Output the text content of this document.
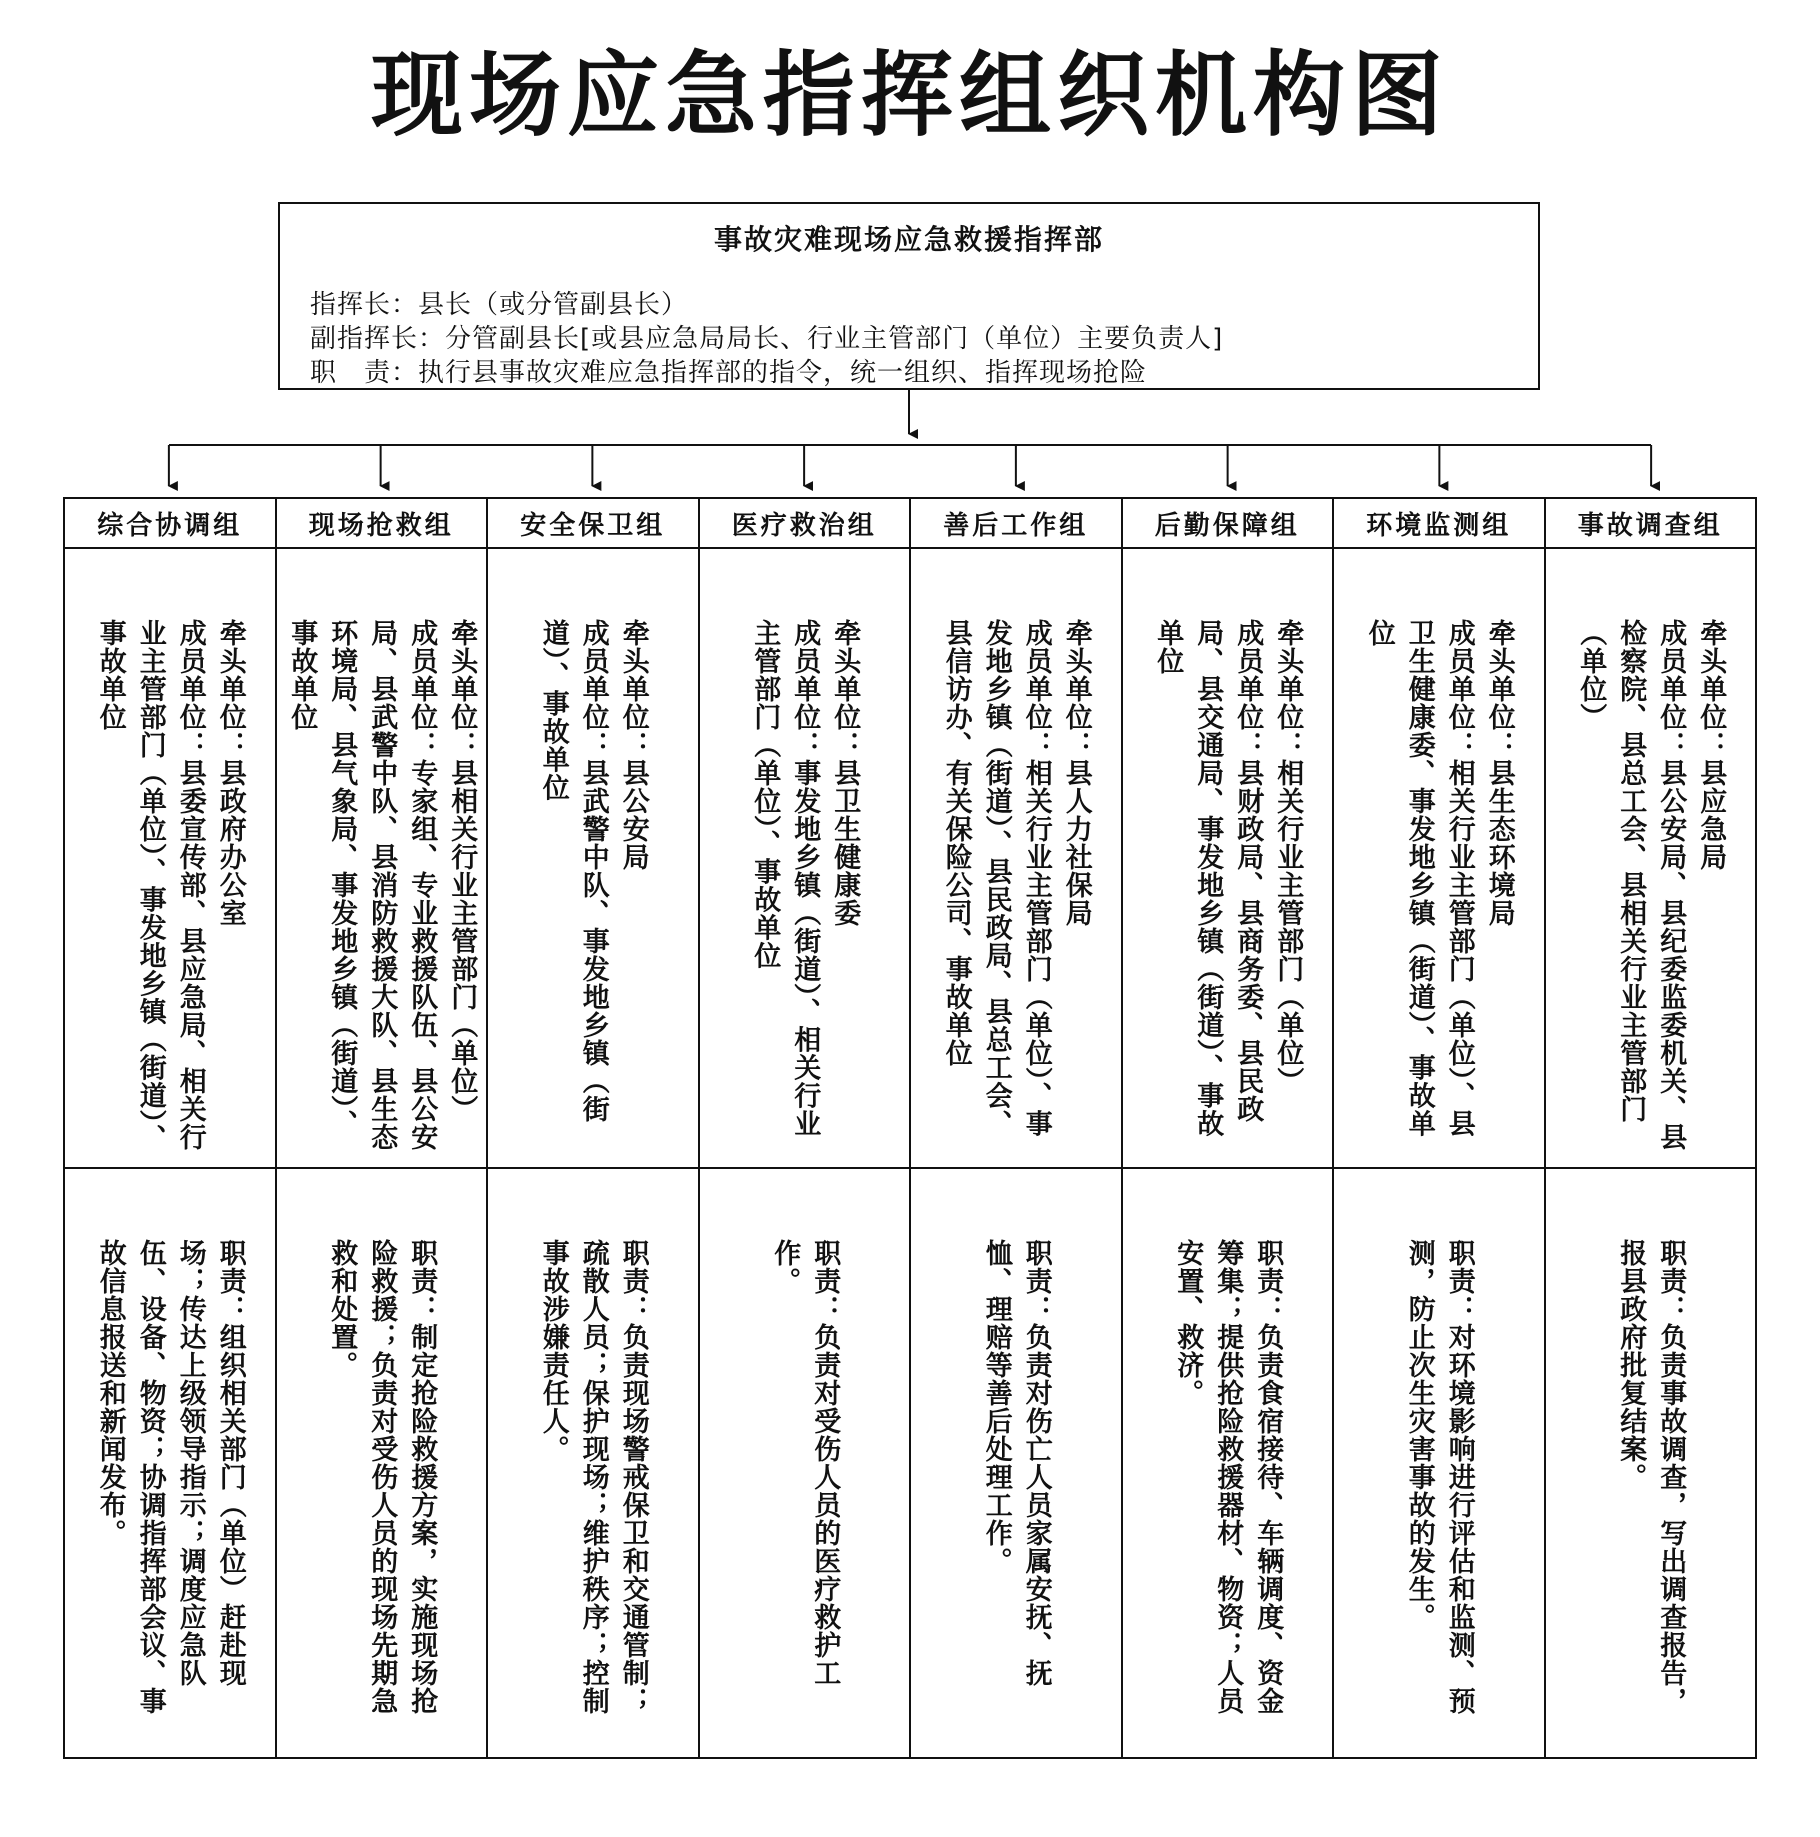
现场应急指挥组织机构图
事故灾难现场应急救援指挥部
指挥长：县长（或分管副县长）
副指挥长：分管副县长[或县应急局局长、行业主管部门（单位）主要负责人]
职　责：执行县事故灾难应急指挥部的指令，统一组织、指挥现场抢险
综合协调组
牵头单位：县政府办公室
成员单位：县委宣传部、县应急局、相关行业主管部门（单位）、事发地乡镇（街道）、事故单位
职责：组织相关部门（单位）赶赴现场；传达上级领导指示；调度应急队伍、设备、物资；协调指挥部会议、事故信息报送和新闻发布。
现场抢救组
牵头单位：县相关行业主管部门（单位）
成员单位：专家组、专业救援队伍、县公安局、县武警中队、县消防救援大队、县生态环境局、县气象局、事发地乡镇（街道）、事故单位
职责：制定抢险救援方案，实施现场抢险救援；负责对受伤人员的现场先期急救和处置。
安全保卫组
牵头单位：县公安局
成员单位：县武警中队、事发地乡镇（街道）、事故单位
职责：负责现场警戒保卫和交通管制；疏散人员；保护现场；维护秩序；控制事故涉嫌责任人。
医疗救治组
牵头单位：县卫生健康委
成员单位：事发地乡镇（街道）、相关行业主管部门（单位）、事故单位
职责：负责对受伤人员的医疗救护工作。
善后工作组
牵头单位：县人力社保局
成员单位：相关行业主管部门（单位）、事发地乡镇（街道）、县民政局、县总工会、县信访办、有关保险公司、事故单位
职责：负责对伤亡人员家属安抚、抚恤、理赔等善后处理工作。
后勤保障组
牵头单位：相关行业主管部门（单位）
成员单位：县财政局、县商务委、县民政局、县交通局、事发地乡镇（街道）、事故单位
职责：负责食宿接待、车辆调度、资金筹集；提供抢险救援器材、物资；人员安置、救济。
环境监测组
牵头单位：县生态环境局
成员单位：相关行业主管部门（单位）、县卫生健康委、事发地乡镇（街道）、事故单位
职责：对环境影响进行评估和监测、预测，防止次生灾害事故的发生。
事故调查组
牵头单位：县应急局
成员单位：县公安局、县纪委监委机关、县检察院、县总工会、县相关行业主管部门（单位）
职责：负责事故调查，写出调查报告，报县政府批复结案。
